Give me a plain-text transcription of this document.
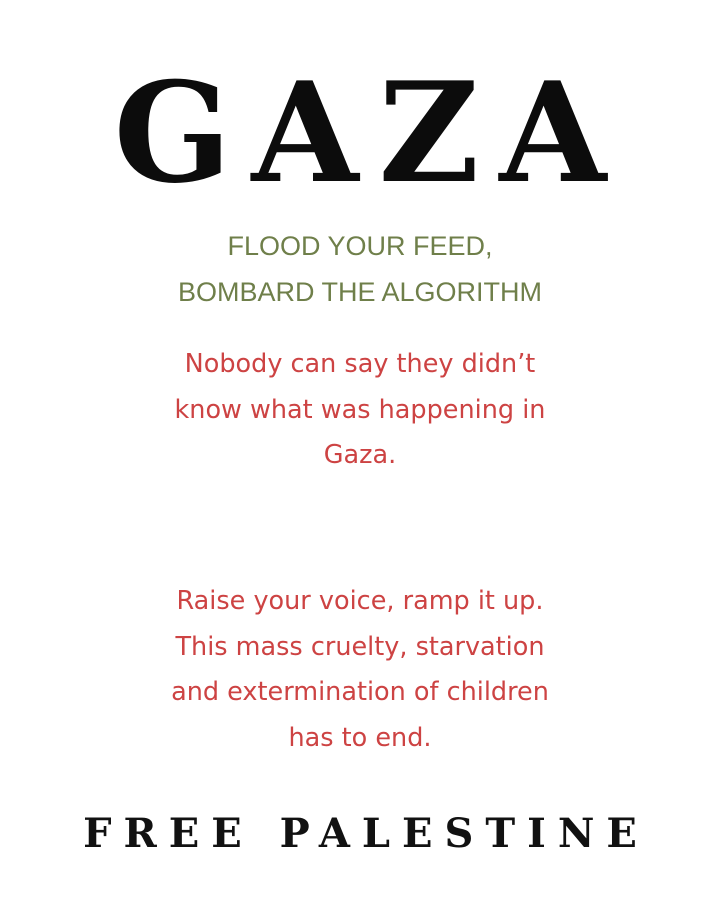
GAZA
FLOOD YOUR FEED,
BOMBARD THE ALGORITHM
Nobody can say they didn’t
know what was happening in
Gaza.
Raise your voice, ramp it up.
This mass cruelty, starvation
and extermination of children
has to end.
FREE PALESTINE
